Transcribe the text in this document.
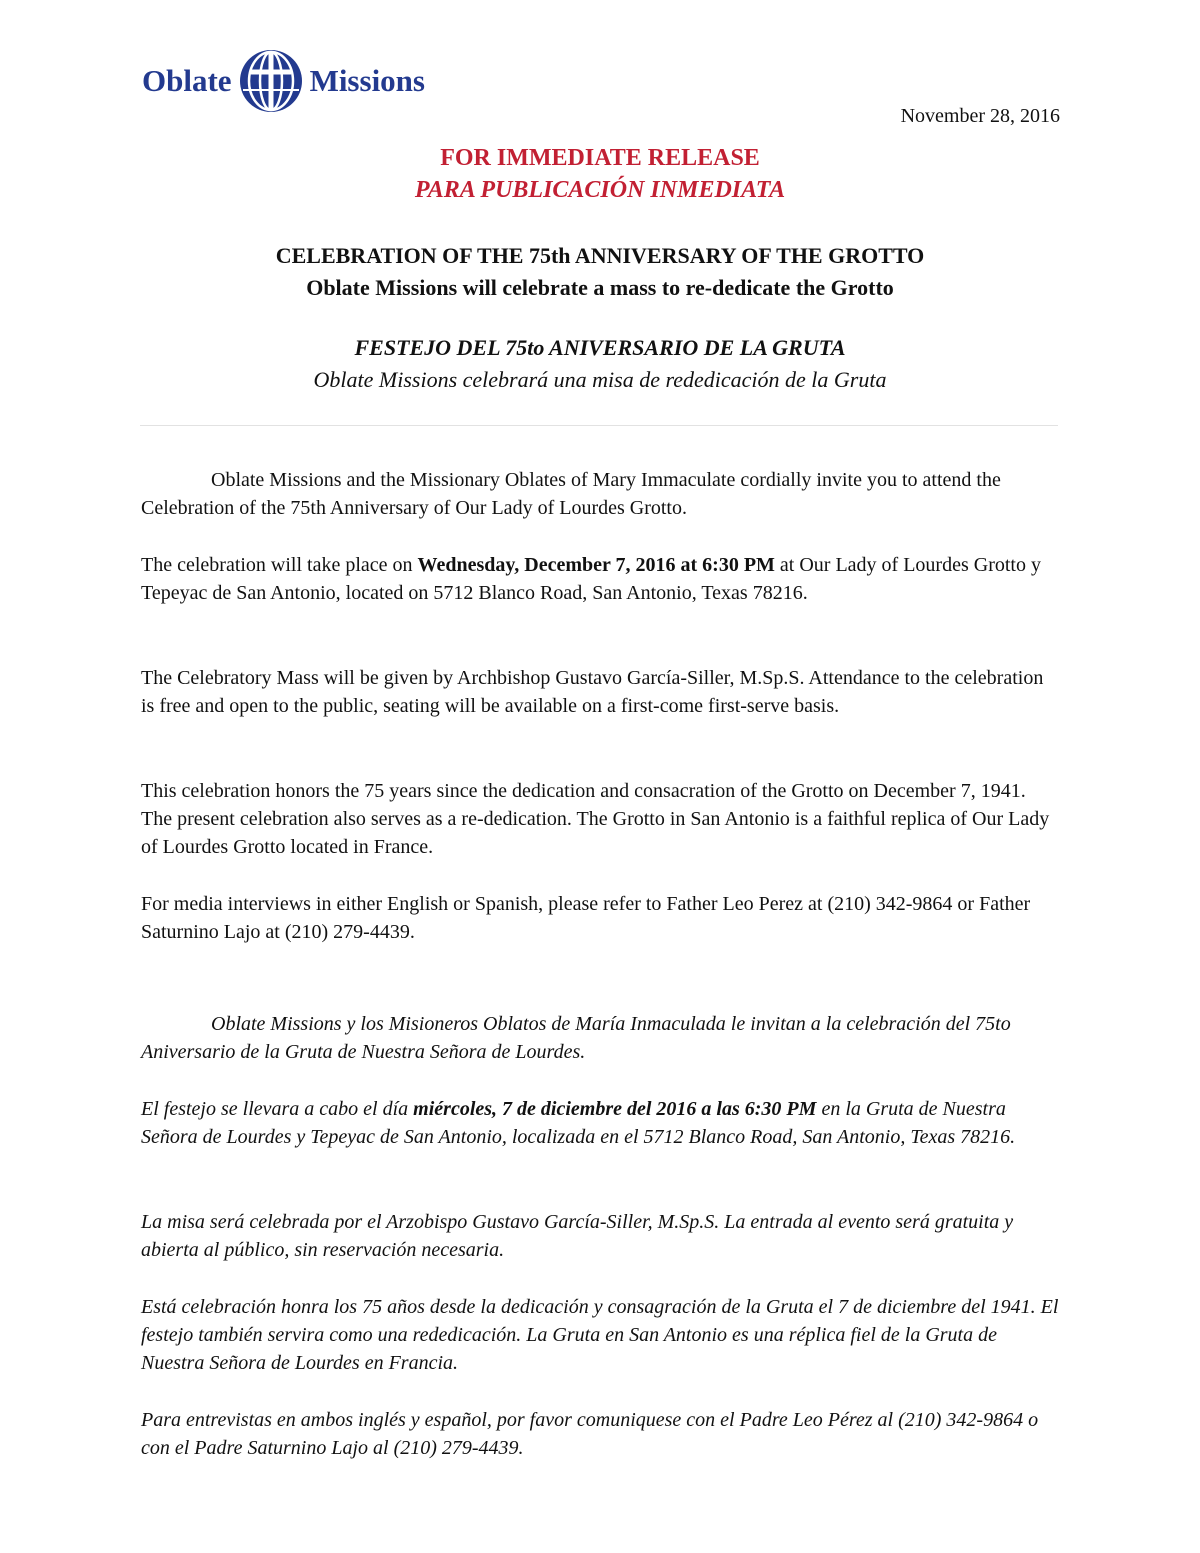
Oblate	Missions
November 28, 2016
FOR IMMEDIATE RELEASE
PARA PUBLICACIÓN INMEDIATA
CELEBRATION OF THE 75th ANNIVERSARY OF THE GROTTO
Oblate Missions will celebrate a mass to re-dedicate the Grotto
FESTEJO DEL 75to ANIVERSARIO DE LA GRUTA
Oblate Missions celebrará una misa de rededicación de la Gruta

Oblate Missions and the Missionary Oblates of Mary Immaculate cordially invite you to attend the Celebration of the 75th Anniversary of Our Lady of Lourdes Grotto.

The celebration will take place on Wednesday, December 7, 2016 at 6:30 PM at Our Lady of Lourdes Grotto y Tepeyac de San Antonio, located on 5712 Blanco Road, San Antonio, Texas 78216.

The Celebratory Mass will be given by Archbishop Gustavo García-Siller, M.Sp.S. Attendance to the celebration is free and open to the public, seating will be available on a first-come first-serve basis.

This celebration honors the 75 years since the dedication and consacration of the Grotto on December 7, 1941. The present celebration also serves as a re-dedication. The Grotto in San Antonio is a faithful replica of Our Lady of Lourdes Grotto located in France.

For media interviews in either English or Spanish, please refer to Father Leo Perez at (210) 342-9864 or Father Saturnino Lajo at (210) 279-4439.

Oblate Missions y los Misioneros Oblatos de María Inmaculada le invitan a la celebración del 75to Aniversario de la Gruta de Nuestra Señora de Lourdes.

El festejo se llevara a cabo el día miércoles, 7 de diciembre del 2016 a las 6:30 PM en la Gruta de Nuestra Señora de Lourdes y Tepeyac de San Antonio, localizada en el 5712 Blanco Road, San Antonio, Texas 78216.

La misa será celebrada por el Arzobispo Gustavo García-Siller, M.Sp.S. La entrada al evento será gratuita y abierta al público, sin reservación necesaria.

Está celebración honra los 75 años desde la dedicación y consagración de la Gruta el 7 de diciembre del 1941. El festejo también servira como una rededicación. La Gruta en San Antonio es una réplica fiel de la Gruta de Nuestra Señora de Lourdes en Francia.

Para entrevistas en ambos inglés y español, por favor comuniquese con el Padre Leo Pérez al (210) 342-9864 o con el Padre Saturnino Lajo al (210) 279-4439.
